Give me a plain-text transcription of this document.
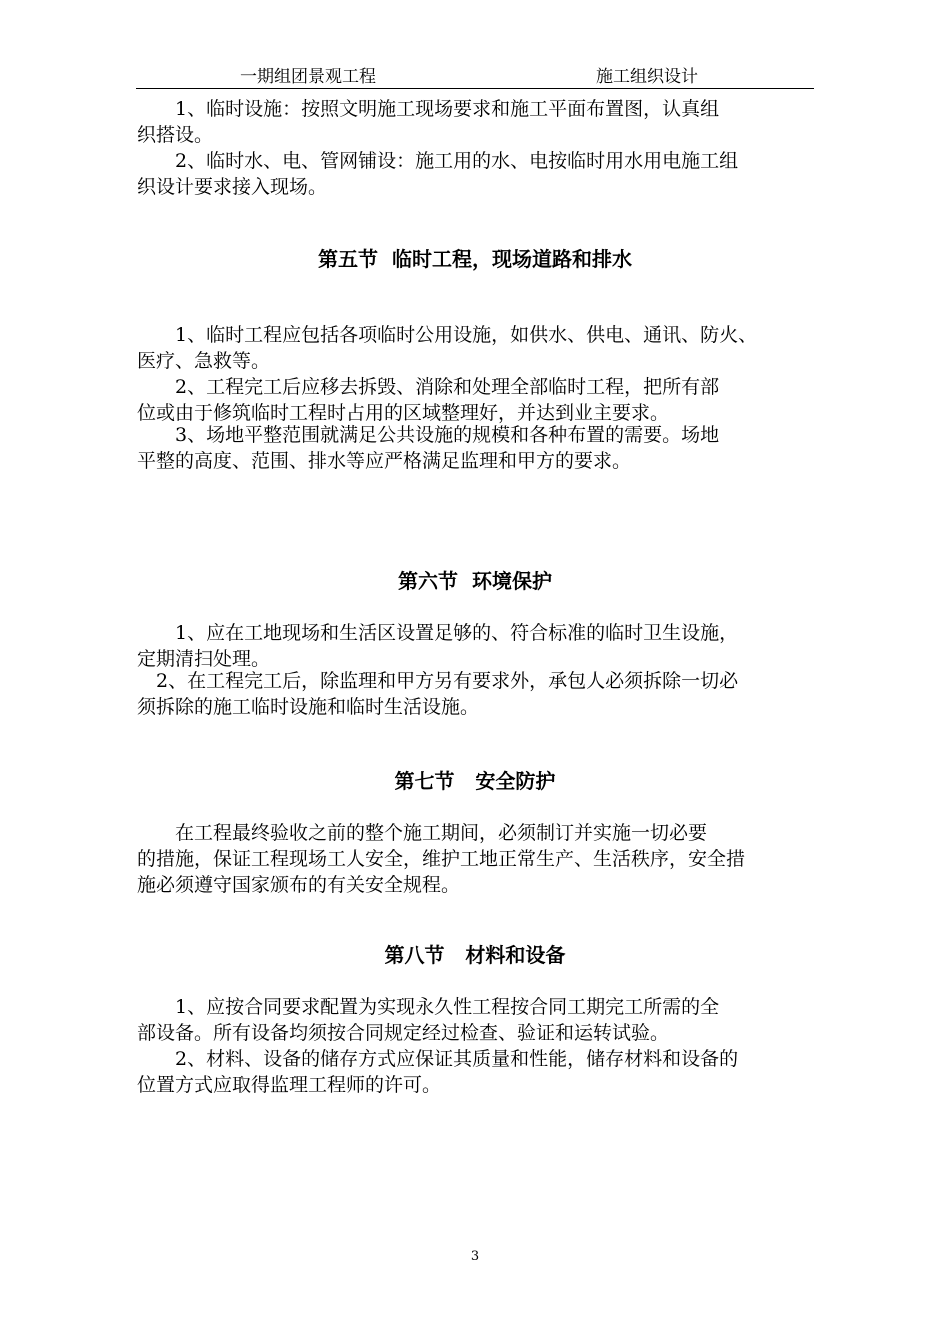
一期组团景观工程	施工组织设计
　　1、临时设施：按照文明施工现场要求和施工平面布置图，认真组
织搭设。
　　2、临时水、电、管网铺设：施工用的水、电按临时用水用电施工组
织设计要求接入现场。
第五节  临时工程，现场道路和排水
　　1、临时工程应包括各项临时公用设施，如供水、供电、通讯、防火、
医疗、急救等。
　　2、工程完工后应移去拆毁、消除和处理全部临时工程，把所有部
位或由于修筑临时工程时占用的区域整理好，并达到业主要求。
　　3、场地平整范围就满足公共设施的规模和各种布置的需要。场地
平整的高度、范围、排水等应严格满足监理和甲方的要求。
第六节  环境保护
　　1、应在工地现场和生活区设置足够的、符合标准的临时卫生设施，
定期清扫处理。
　2、在工程完工后，除监理和甲方另有要求外，承包人必须拆除一切必
须拆除的施工临时设施和临时生活设施。
第七节   安全防护
　　在工程最终验收之前的整个施工期间，必须制订并实施一切必要
的措施，保证工程现场工人安全，维护工地正常生产、生活秩序，安全措
施必须遵守国家颁布的有关安全规程。
第八节   材料和设备
　　1、应按合同要求配置为实现永久性工程按合同工期完工所需的全
部设备。所有设备均须按合同规定经过检查、验证和运转试验。
　　2、材料、设备的储存方式应保证其质量和性能，储存材料和设备的
位置方式应取得监理工程师的许可。
3
